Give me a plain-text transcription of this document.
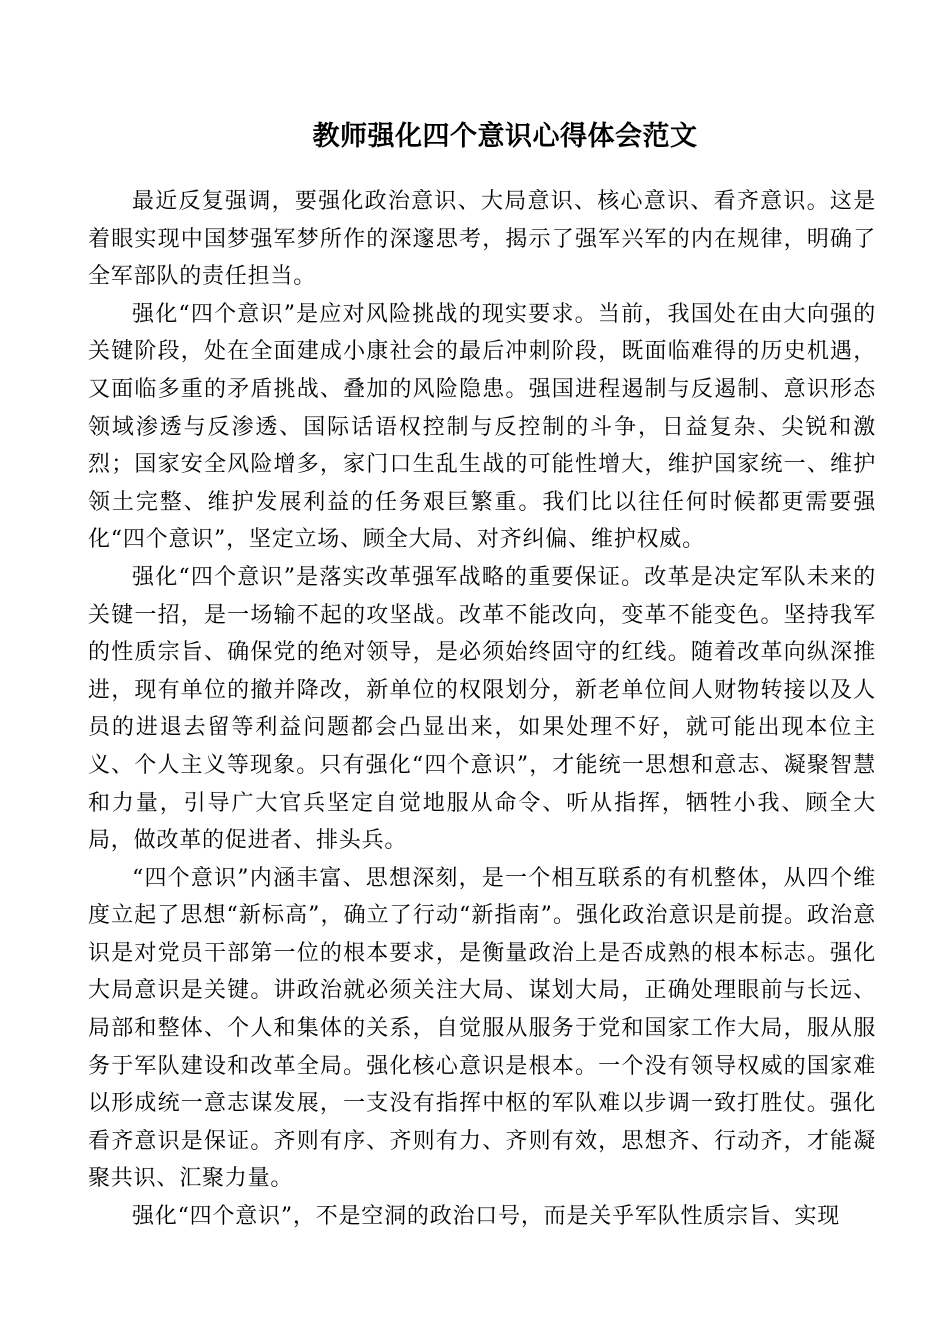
教师强化四个意识心得体会范文

最近反复强调，要强化政治意识、大局意识、核心意识、看齐意识。这是着眼实现中国梦强军梦所作的深邃思考，揭示了强军兴军的内在规律，明确了全军部队的责任担当。

强化“四个意识”是应对风险挑战的现实要求。当前，我国处在由大向强的关键阶段，处在全面建成小康社会的最后冲刺阶段，既面临难得的历史机遇，又面临多重的矛盾挑战、叠加的风险隐患。强国进程遏制与反遏制、意识形态领域渗透与反渗透、国际话语权控制与反控制的斗争，日益复杂、尖锐和激烈；国家安全风险增多，家门口生乱生战的可能性增大，维护国家统一、维护领土完整、维护发展利益的任务艰巨繁重。我们比以往任何时候都更需要强化“四个意识”，坚定立场、顾全大局、对齐纠偏、维护权威。

强化“四个意识”是落实改革强军战略的重要保证。改革是决定军队未来的关键一招，是一场输不起的攻坚战。改革不能改向，变革不能变色。坚持我军的性质宗旨、确保党的绝对领导，是必须始终固守的红线。随着改革向纵深推进，现有单位的撤并降改，新单位的权限划分，新老单位间人财物转接以及人员的进退去留等利益问题都会凸显出来，如果处理不好，就可能出现本位主义、个人主义等现象。只有强化“四个意识”，才能统一思想和意志、凝聚智慧和力量，引导广大官兵坚定自觉地服从命令、听从指挥，牺牲小我、顾全大局，做改革的促进者、排头兵。

“四个意识”内涵丰富、思想深刻，是一个相互联系的有机整体，从四个维度立起了思想“新标高”，确立了行动“新指南”。强化政治意识是前提。政治意识是对党员干部第一位的根本要求，是衡量政治上是否成熟的根本标志。强化大局意识是关键。讲政治就必须关注大局、谋划大局，正确处理眼前与长远、局部和整体、个人和集体的关系，自觉服从服务于党和国家工作大局，服从服务于军队建设和改革全局。强化核心意识是根本。一个没有领导权威的国家难以形成统一意志谋发展，一支没有指挥中枢的军队难以步调一致打胜仗。强化看齐意识是保证。齐则有序、齐则有力、齐则有效，思想齐、行动齐，才能凝聚共识、汇聚力量。

强化“四个意识”，不是空洞的政治口号，而是关乎军队性质宗旨、实现
